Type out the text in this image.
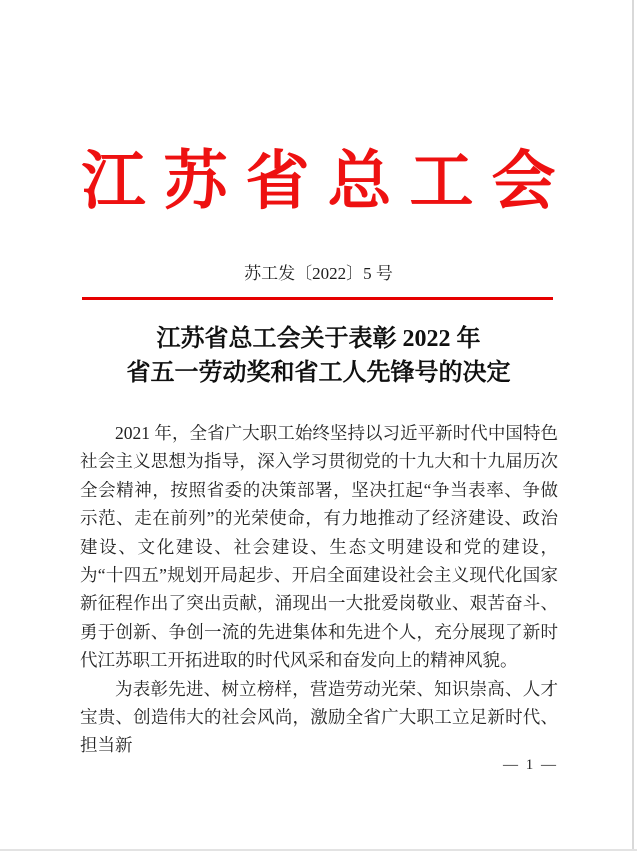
江苏省总工会
苏工发〔2022〕5 号
江苏省总工会关于表彰 2022 年
省五一劳动奖和省工人先锋号的决定

2021 年，全省广大职工始终坚持以习近平新时代中国特色社会主义思想为指导，深入学习贯彻党的十九大和十九届历次全会精神，按照省委的决策部署，坚决扛起“争当表率、争做示范、走在前列”的光荣使命，有力地推动了经济建设、政治建设、文化建设、社会建设、生态文明建设和党的建设，为“十四五”规划开局起步、开启全面建设社会主义现代化国家新征程作出了突出贡献，涌现出一大批爱岗敬业、艰苦奋斗、勇于创新、争创一流的先进集体和先进个人，充分展现了新时代江苏职工开拓进取的时代风采和奋发向上的精神风貌。

为表彰先进、树立榜样，营造劳动光荣、知识崇高、人才宝贵、创造伟大的社会风尚，激励全省广大职工立足新时代、担当新

— 1 —
